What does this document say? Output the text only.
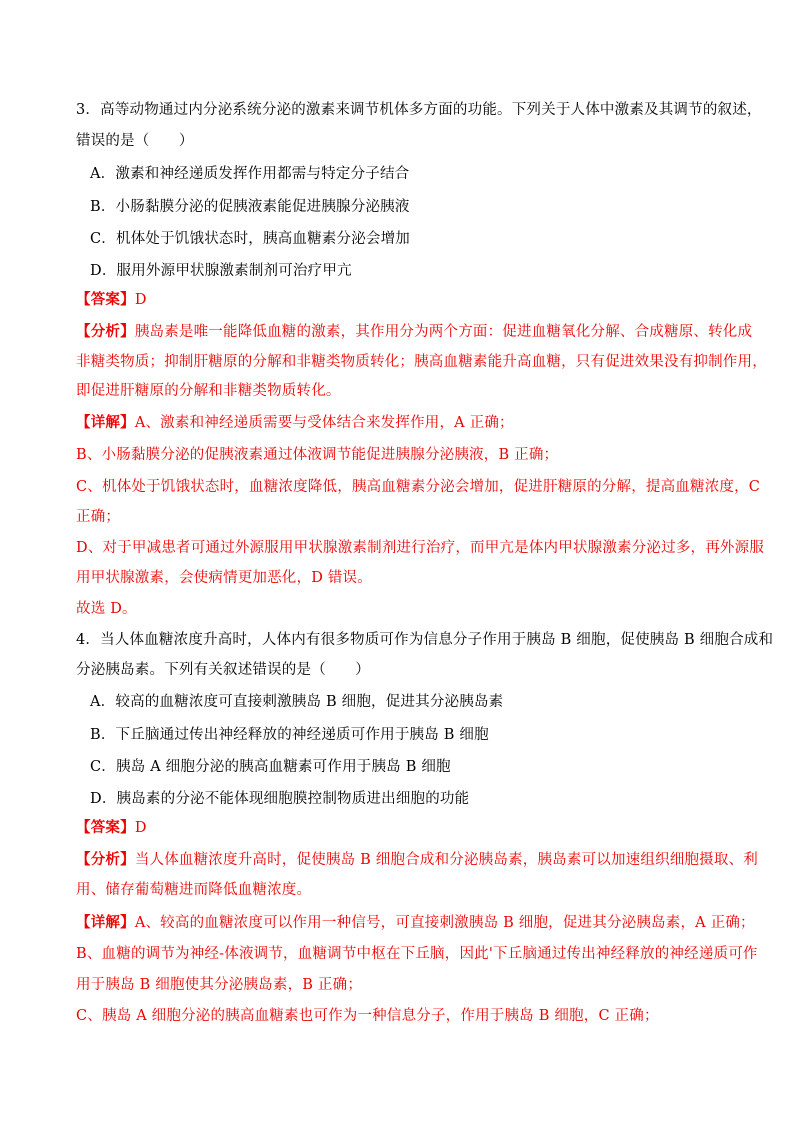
3．高等动物通过内分泌系统分泌的激素来调节机体多方面的功能。下列关于人体中激素及其调节的叙述，
错误的是（　　）
A．激素和神经递质发挥作用都需与特定分子结合
B．小肠黏膜分泌的促胰液素能促进胰腺分泌胰液
C．机体处于饥饿状态时，胰高血糖素分泌会增加
D．服用外源甲状腺激素制剂可治疗甲亢
【答案】D
【分析】胰岛素是唯一能降低血糖的激素，其作用分为两个方面：促进血糖氧化分解、合成糖原、转化成
非糖类物质；抑制肝糖原的分解和非糖类物质转化；胰高血糖素能升高血糖，只有促进效果没有抑制作用，
即促进肝糖原的分解和非糖类物质转化。
【详解】A、激素和神经递质需要与受体结合来发挥作用，A 正确；
B、小肠黏膜分泌的促胰液素通过体液调节能促进胰腺分泌胰液，B 正确；
C、机体处于饥饿状态时，血糖浓度降低，胰高血糖素分泌会增加，促进肝糖原的分解，提高血糖浓度，C
正确；
D、对于甲减患者可通过外源服用甲状腺激素制剂进行治疗，而甲亢是体内甲状腺激素分泌过多，再外源服
用甲状腺激素，会使病情更加恶化，D 错误。
故选 D。
4．当人体血糖浓度升高时，人体内有很多物质可作为信息分子作用于胰岛 B 细胞，促使胰岛 B 细胞合成和
分泌胰岛素。下列有关叙述错误的是（　　）
A．较高的血糖浓度可直接刺激胰岛 B 细胞，促进其分泌胰岛素
B．下丘脑通过传出神经释放的神经递质可作用于胰岛 B 细胞
C．胰岛 A 细胞分泌的胰高血糖素可作用于胰岛 B 细胞
D．胰岛素的分泌不能体现细胞膜控制物质进出细胞的功能
【答案】D
【分析】当人体血糖浓度升高时，促使胰岛 B 细胞合成和分泌胰岛素，胰岛素可以加速组织细胞摄取、利
用、储存葡萄糖进而降低血糖浓度。
【详解】A、较高的血糖浓度可以作用一种信号，可直接刺激胰岛 B 细胞，促进其分泌胰岛素，A 正确；
B、血糖的调节为神经-体液调节，血糖调节中枢在下丘脑，因此'下丘脑通过传出神经释放的神经递质可作
用于胰岛 B 细胞使其分泌胰岛素，B 正确；
C、胰岛 A 细胞分泌的胰高血糖素也可作为一种信息分子，作用于胰岛 B 细胞，C 正确；
